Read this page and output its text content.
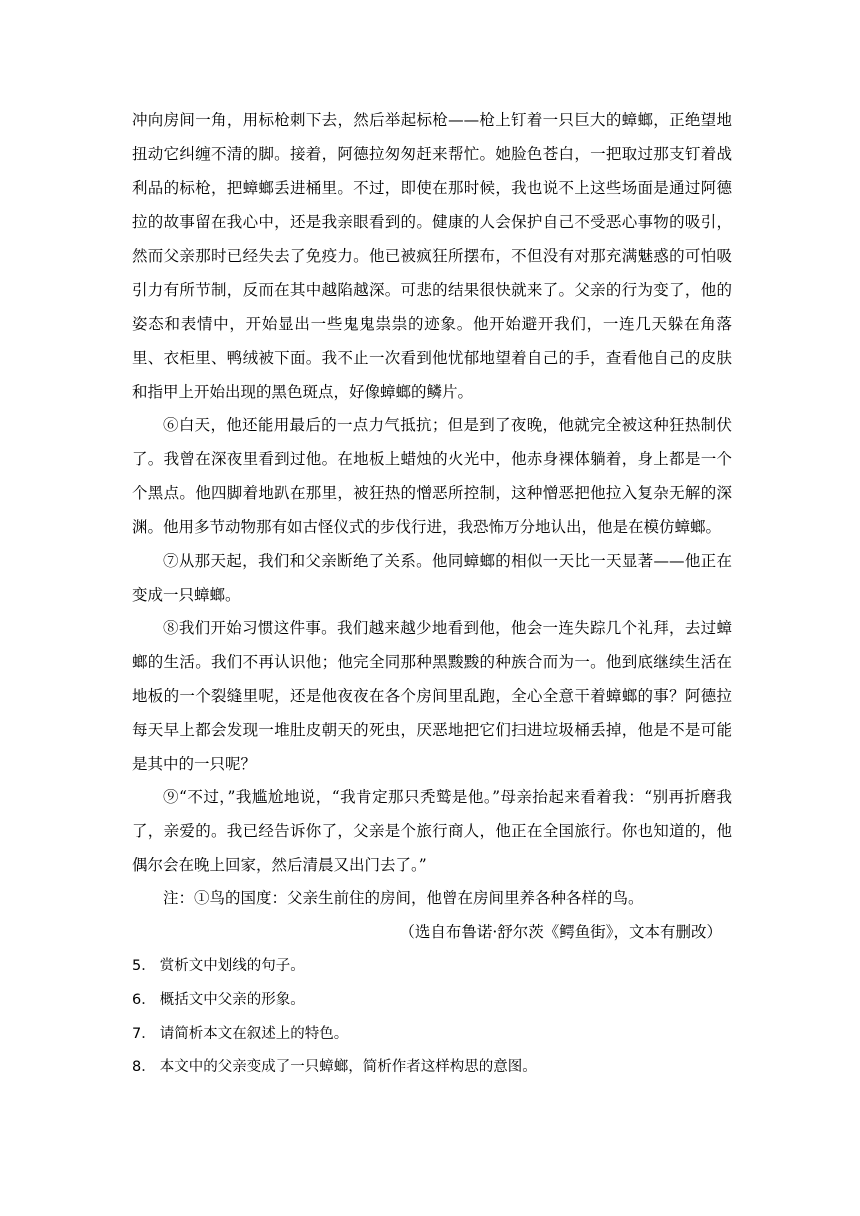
冲向房间一角，用标枪刺下去，然后举起标枪——枪上钉着一只巨大的蟑螂，正绝望地扭动它纠缠不清的脚。接着，阿德拉匆匆赶来帮忙。她脸色苍白，一把取过那支钉着战利品的标枪，把蟑螂丢进桶里。不过，即使在那时候，我也说不上这些场面是通过阿德拉的故事留在我心中，还是我亲眼看到的。健康的人会保护自己不受恶心事物的吸引，然而父亲那时已经失去了免疫力。他已被疯狂所摆布，不但没有对那充满魅惑的可怕吸引力有所节制，反而在其中越陷越深。可悲的结果很快就来了。父亲的行为变了，他的姿态和表情中，开始显出一些鬼鬼祟祟的迹象。他开始避开我们，一连几天躲在角落里、衣柜里、鸭绒被下面。我不止一次看到他忧郁地望着自己的手，查看他自己的皮肤和指甲上开始出现的黑色斑点，好像蟑螂的鳞片。

⑥白天，他还能用最后的一点力气抵抗；但是到了夜晚，他就完全被这种狂热制伏了。我曾在深夜里看到过他。在地板上蜡烛的火光中，他赤身裸体躺着，身上都是一个个黑点。他四脚着地趴在那里，被狂热的憎恶所控制，这种憎恶把他拉入复杂无解的深渊。他用多节动物那有如古怪仪式的步伐行进，我恐怖万分地认出，他是在模仿蟑螂。

⑦从那天起，我们和父亲断绝了关系。他同蟑螂的相似一天比一天显著——他正在变成一只蟑螂。

⑧我们开始习惯这件事。我们越来越少地看到他，他会一连失踪几个礼拜，去过蟑螂的生活。我们不再认识他；他完全同那种黑黢黢的种族合而为一。他到底继续生活在地板的一个裂缝里呢，还是他夜夜在各个房间里乱跑，全心全意干着蟑螂的事？阿德拉每天早上都会发现一堆肚皮朝天的死虫，厌恶地把它们扫进垃圾桶丢掉，他是不是可能是其中的一只呢？

⑨“不过，”我尴尬地说，“我肯定那只秃鹫是他。”母亲抬起来看着我：“别再折磨我了，亲爱的。我已经告诉你了，父亲是个旅行商人，他正在全国旅行。你也知道的，他偶尔会在晚上回家，然后清晨又出门去了。”

注：①鸟的国度：父亲生前住的房间，他曾在房间里养各种各样的鸟。

（选自布鲁诺·舒尔茨《鳄鱼街》，文本有删改）

5． 赏析文中划线的句子。

6． 概括文中父亲的形象。

7． 请简析本文在叙述上的特色。

8． 本文中的父亲变成了一只蟑螂，简析作者这样构思的意图。
